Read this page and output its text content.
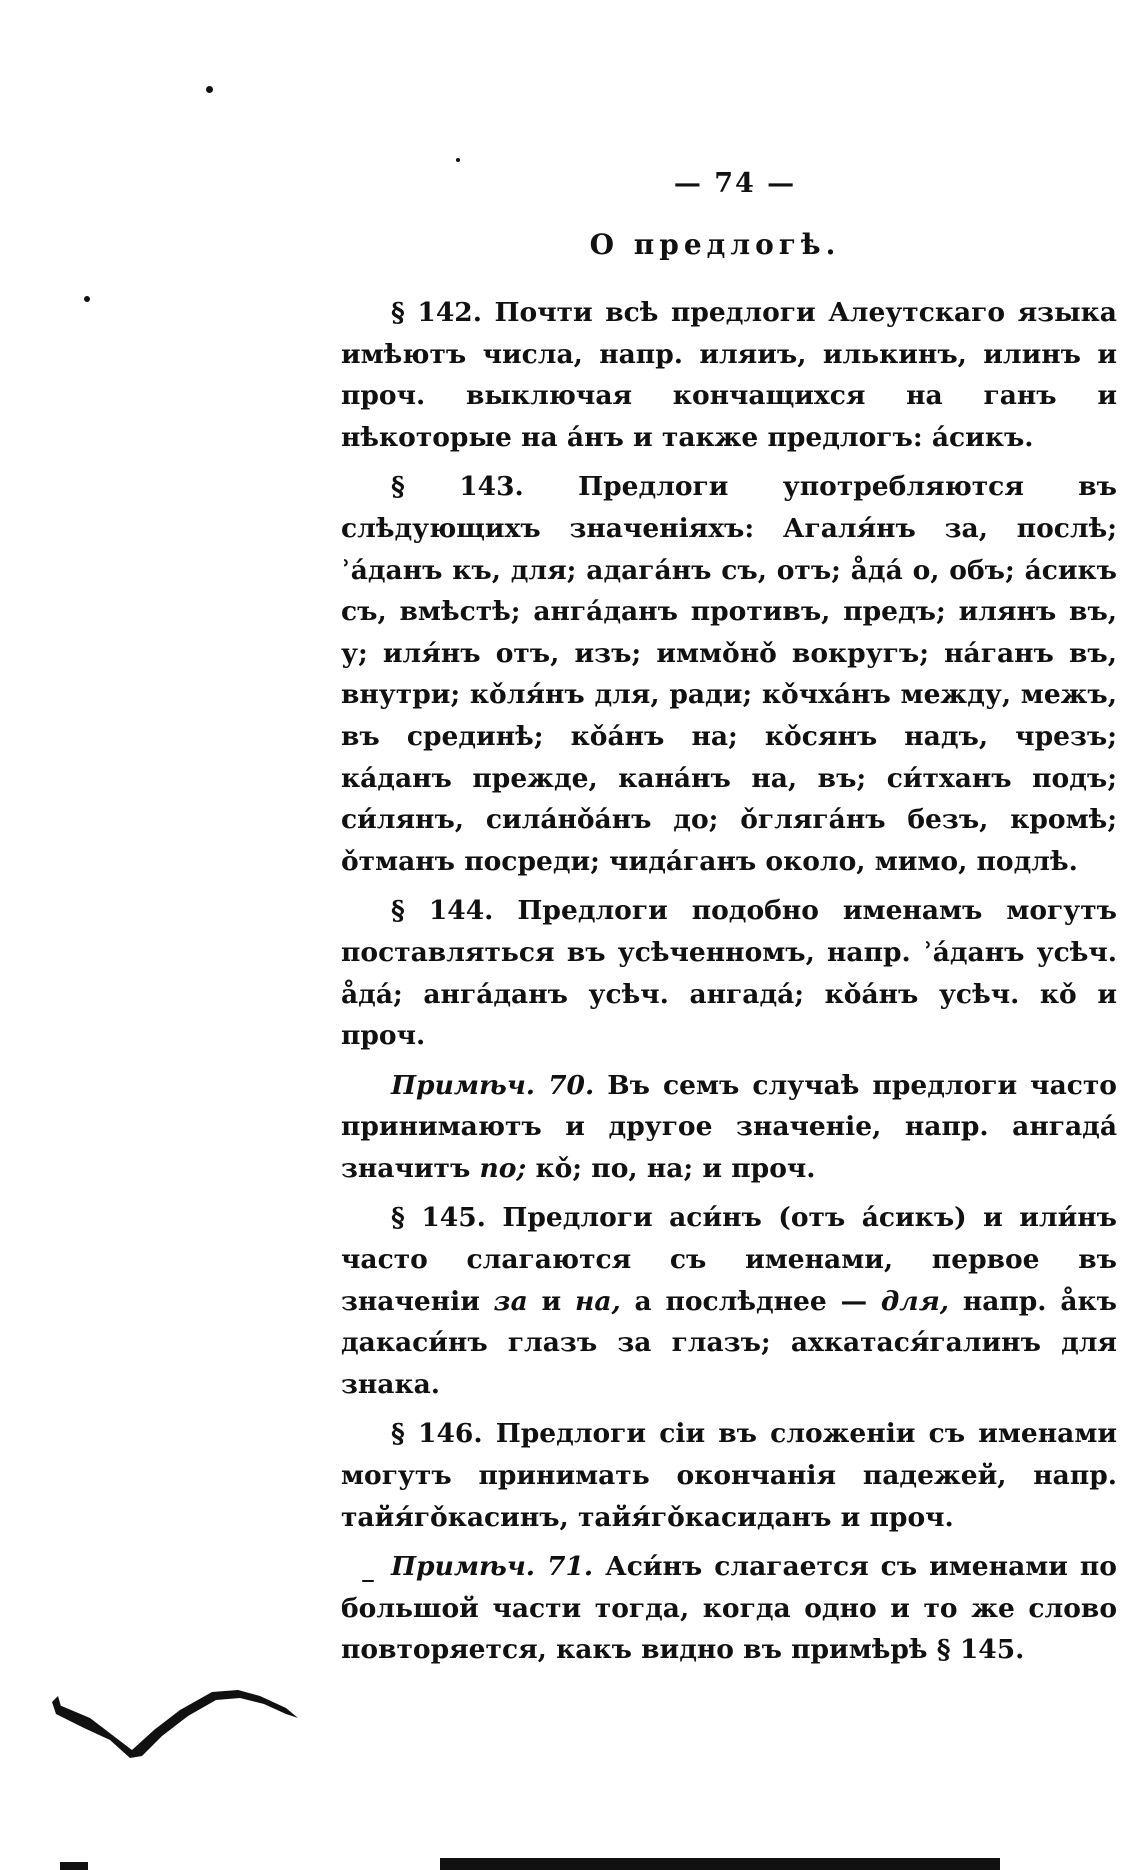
— 74 —
О предлогѣ.

§ 142. Почти всѣ предлоги Алеутскаго языка имѣютъ числа, напр. иляиъ, илькинъ, илинъ и проч. выключая кончащихся на ганъ и нѣкоторые на а́нъ и также предлогъ: а́сикъ.

§ 143. Предлоги употребляются въ слѣдующихъ значеніяхъ: Агаля́нъ за, послѣ; ʾа́данъ къ, для; адага́нъ съ, отъ; а̊да́ о, объ; а́сикъ съ, вмѣстѣ; анга́данъ противъ, предъ; илянъ въ, у; иля́нъ отъ, изъ; иммǒнǒ вокругъ; на́ганъ въ, внутри; кǒля́нъ для, ради; кǒчха́нъ между, межъ, въ срединѣ; кǒа́нъ на; кǒсянъ надъ, чрезъ; ка́данъ прежде, кана́нъ на, въ; си́тханъ подъ; си́лянъ, сила́нǒа́нъ до; ǒгляга́нъ безъ, кромѣ; ǒтманъ посреди; чида́ганъ около, мимо, подлѣ.

§ 144. Предлоги подобно именамъ могутъ поставляться въ усѣченномъ, напр. ʾа́данъ усѣч. а̊да́; анга́данъ усѣч. ангада́; кǒа́нъ усѣч. кǒ и проч.

Примѣч. 70. Въ семъ случаѣ предлоги часто принимаютъ и другое значеніе, напр. ангада́ значитъ по; кǒ; по, на; и проч.

§ 145. Предлоги аси́нъ (отъ а́сикъ) и или́нъ часто слагаются съ именами, первое въ значеніи за и на, а послѣднее — для, напр. а̊къ дакаси́нъ глазъ за глазъ; ахкатася́галинъ для знака.

§ 146. Предлоги сіи въ сложеніи съ именами могутъ принимать окончанія падежей, напр. тайя́гǒкасинъ, тайя́гǒкасиданъ и проч.

Примѣч. 71. Аси́нъ слагается съ именами по большой части тогда, когда одно и то же слово повторяется, какъ видно въ примѣрѣ § 145.
